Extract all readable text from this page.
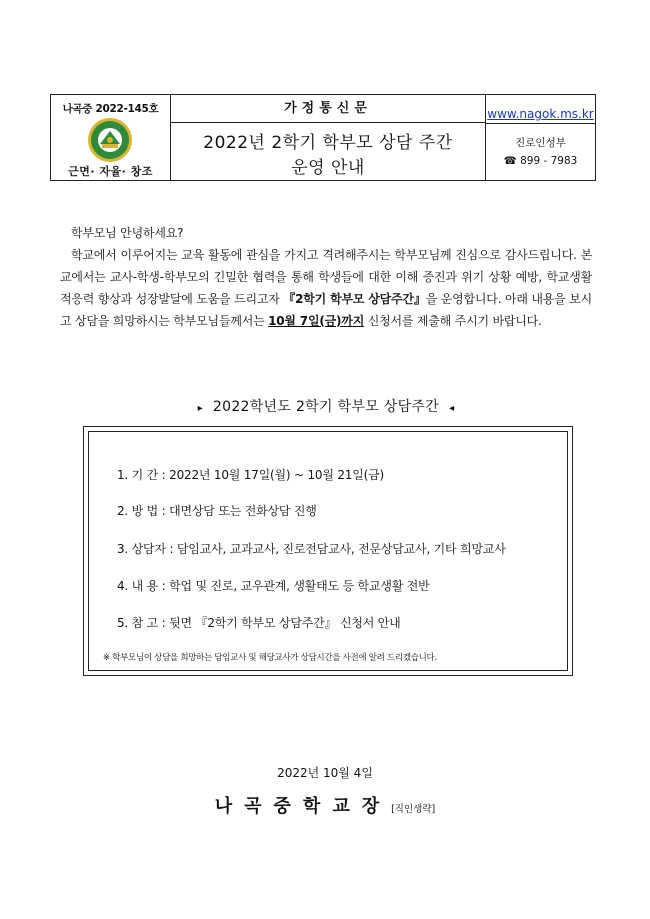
나곡중 2022-145호
근면· 자율· 창조
가정통신문
2022년 2학기 학부모 상담 주간
운영 안내
www.nagok.ms.kr
진로인성부
☎ 899 - 7983

학부모님 안녕하세요?

학교에서 이루어지는 교육 활동에 관심을 가지고 격려해주시는 학부모님께 진심으로 감사드립니다. 본교에서는 교사-학생-학부모의 긴밀한 협력을 통해 학생들에 대한 이해 증진과 위기 상황 예방, 학교생활 적응력 향상과 성장발달에 도움을 드리고자 『2학기 학부모 상담주간』을 운영합니다. 아래 내용을 보시고 상담을 희망하시는 학부모님들께서는 10월 7일(금)까지 신청서를 제출해 주시기 바랍니다.

▸ 2022학년도 2학기 학부모 상담주간 ◂
1. 기 간 : 2022년 10월 17일(월) ~ 10월 21일(금)
2. 방 법 : 대면상담 또는 전화상담 진행
3. 상담자 : 담임교사, 교과교사, 진로전담교사, 전문상담교사, 기타 희망교사
4. 내 용 : 학업 및 진로, 교우관계, 생활태도 등 학교생활 전반
5. 참 고 : 뒷면 『2학기 학부모 상담주간』 신청서 안내
※ 학부모님이 상담을 희망하는 담임교사 및 해당교사가 상담시간을 사전에 알려 드리겠습니다.
2022년 10월 4일
나곡중학교장[직인생략]
